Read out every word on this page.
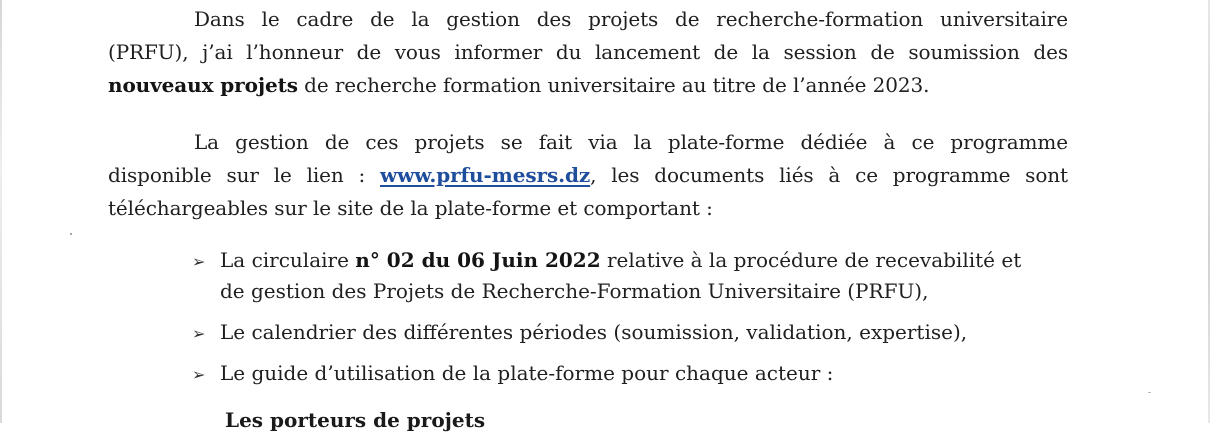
Dans le cadre de la gestion des projets de recherche-formation universitaire
(PRFU), j’ai l’honneur de vous informer du lancement de la session de soumission des
nouveaux projets de recherche formation universitaire au titre de l’année 2023.

La gestion de ces projets se fait via la plate-forme dédiée à ce programme
disponible sur le lien : www.prfu-mesrs.dz, les documents liés à ce programme sont
téléchargeables sur le site de la plate-forme et comportant :

➢ La circulaire n° 02 du 06 Juin 2022 relative à la procédure de recevabilité et
de gestion des Projets de Recherche-Formation Universitaire (PRFU),
➢ Le calendrier des différentes périodes (soumission, validation, expertise),
➢ Le guide d’utilisation de la plate-forme pour chaque acteur :
Les porteurs de projets
